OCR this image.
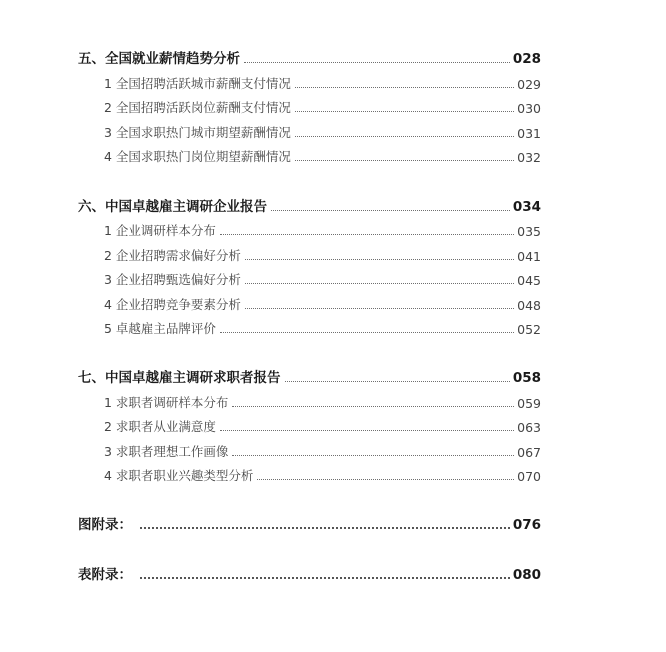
五、全国就业薪情趋势分析	028
1 全国招聘活跃城市薪酬支付情况	029
2 全国招聘活跃岗位薪酬支付情况	030
3 全国求职热门城市期望薪酬情况	031
4 全国求职热门岗位期望薪酬情况	032
六、中国卓越雇主调研企业报告	034
1 企业调研样本分布	035
2 企业招聘需求偏好分析	041
3 企业招聘甄选偏好分析	045
4 企业招聘竞争要素分析	048
5 卓越雇主品牌评价	052
七、中国卓越雇主调研求职者报告	058
1 求职者调研样本分布	059
2 求职者从业满意度	063
3 求职者理想工作画像	067
4 求职者职业兴趣类型分析	070
图附录：	076
表附录：	080
